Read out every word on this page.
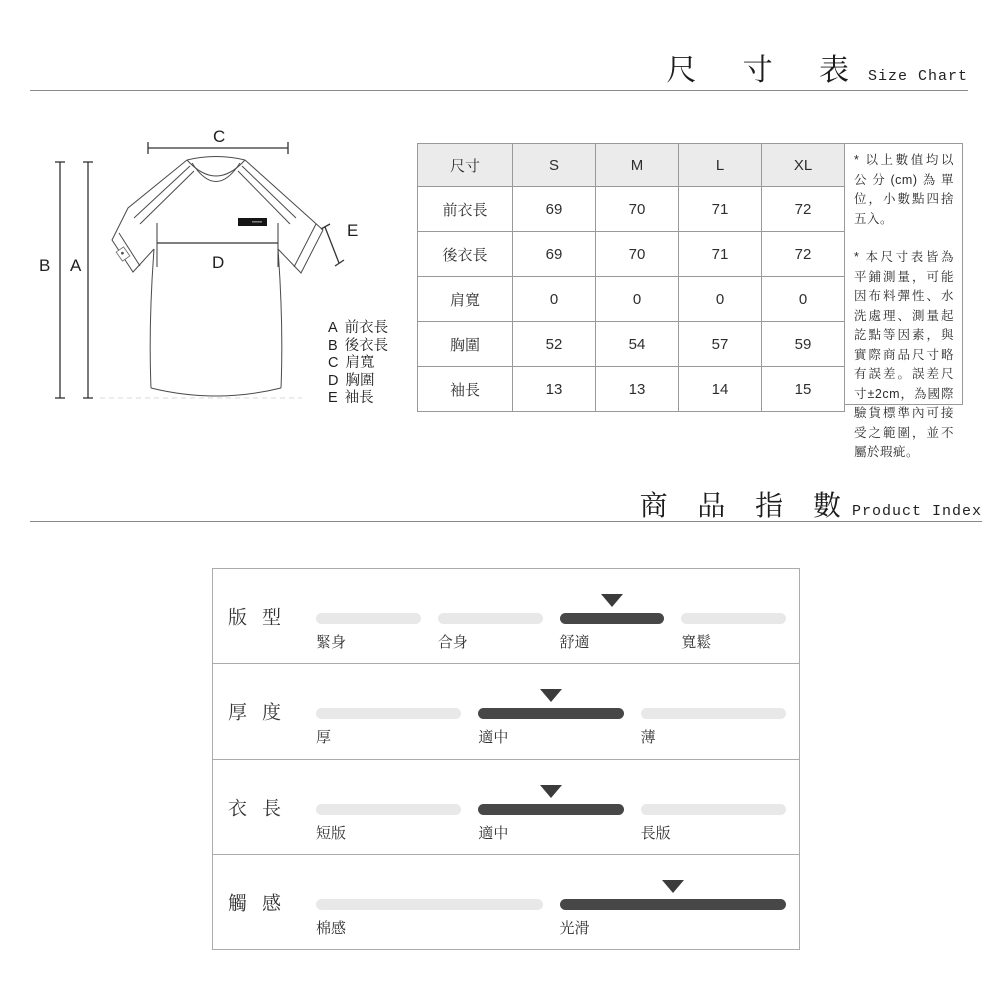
尺 寸 表 Size Chart
C
B A	D
E
A 前衣長
B 後衣長
C 肩寬
D 胸圍
E 袖長
尺寸	S	M	L	XL
前衣長	69	70	71	72
後衣長	69	70	71	72
肩寬	0	0	0	0
胸圍	52	54	57	59
袖長	13	13	14	15

* 以上數值均以公分(cm)為單位，小數點四捨五入。

* 本尺寸表皆為平鋪測量，可能因布料彈性、水洗處理、測量起訖點等因素，與實際商品尺寸略有誤差。誤差尺寸±2cm，為國際驗貨標準內可接受之範圍，並不屬於瑕疵。

商 品 指 數 Product Index
版型
緊身	合身	舒適	寬鬆
厚度
厚	適中	薄
衣長
短版	適中	長版
觸感
棉感	光滑
